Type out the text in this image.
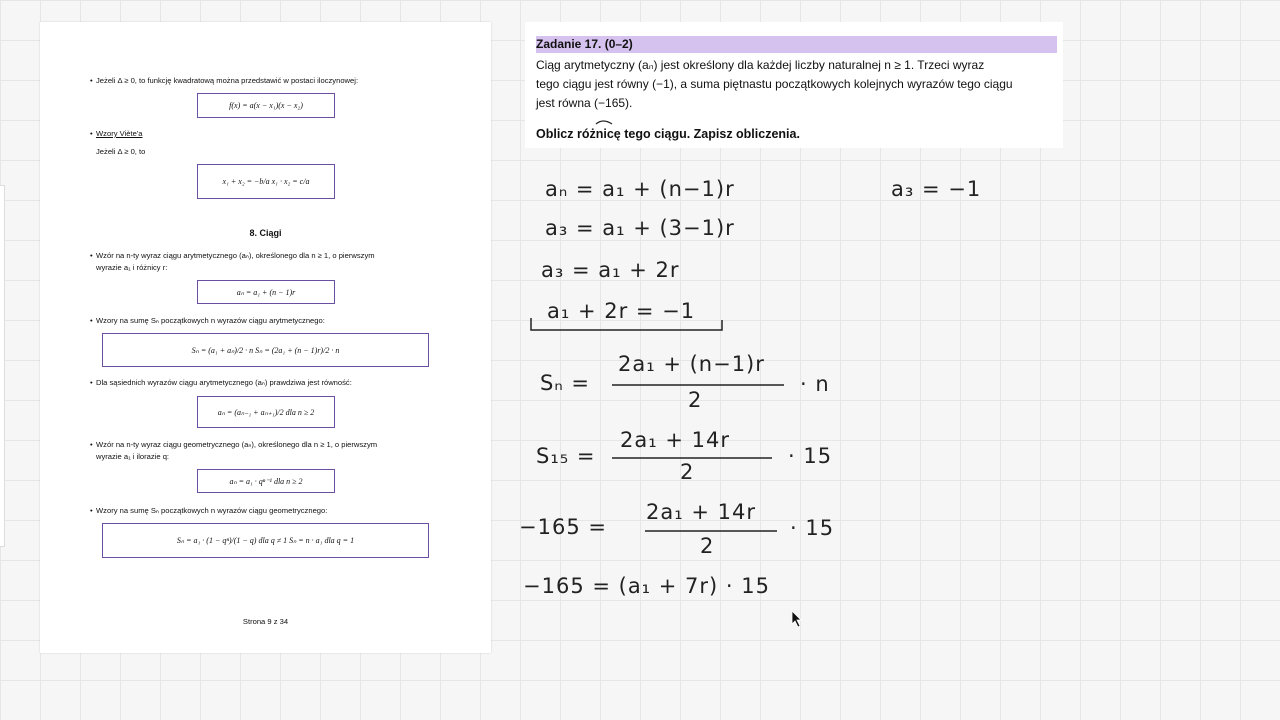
• Jeżeli Δ ≥ 0, to funkcję kwadratową można przedstawić w postaci iloczynowej:
f(x) = a(x − x₁)(x − x₂)
• Wzory Viète'a
Jeżeli Δ ≥ 0, to
x₁ + x₂ = −b/a x₁ · x₂ = c/a
8. Ciągi
• Wzór na n-ty wyraz ciągu arytmetycznego (aₙ), określonego dla n ≥ 1, o pierwszym
wyrazie a₁ i różnicy r:
aₙ = a₁ + (n − 1)r
• Wzory na sumę Sₙ początkowych n wyrazów ciągu arytmetycznego:
Sₙ = (a₁ + aₙ)/2 · n Sₙ = (2a₁ + (n − 1)r)/2 · n
• Dla sąsiednich wyrazów ciągu arytmetycznego (aₙ) prawdziwa jest równość:
aₙ = (aₙ₋₁ + aₙ₊₁)/2 dla n ≥ 2
• Wzór na n-ty wyraz ciągu geometrycznego (aₙ), określonego dla n ≥ 1, o pierwszym
wyrazie a₁ i ilorazie q:
aₙ = a₁ · qⁿ⁻¹ dla n ≥ 2
• Wzory na sumę Sₙ początkowych n wyrazów ciągu geometrycznego:
Sₙ = a₁ · (1 − qⁿ)/(1 − q) dla q ≠ 1 Sₙ = n · a₁ dla q = 1
Strona 9 z 34
Zadanie 17. (0–2)
Ciąg arytmetyczny (aₙ) jest określony dla każdej liczby naturalnej n ≥ 1. Trzeci wyraz
tego ciągu jest równy (−1), a suma piętnastu początkowych kolejnych wyrazów tego ciągu
jest równa (−165).
Oblicz różnicę tego ciągu. Zapisz obliczenia.
aₙ = a₁ + (n−1)r
a₃ = a₁ + (3−1)r
a₃ = a₁ + 2r
a₁ + 2r = −1
a₃ = −1
Sₙ =
2a₁ + (n−1)r
2
· n
S₁₅ =
2a₁ + 14r
2
· 15
−165 =
2a₁ + 14r
2
· 15
−165 = (a₁ + 7r) · 15
